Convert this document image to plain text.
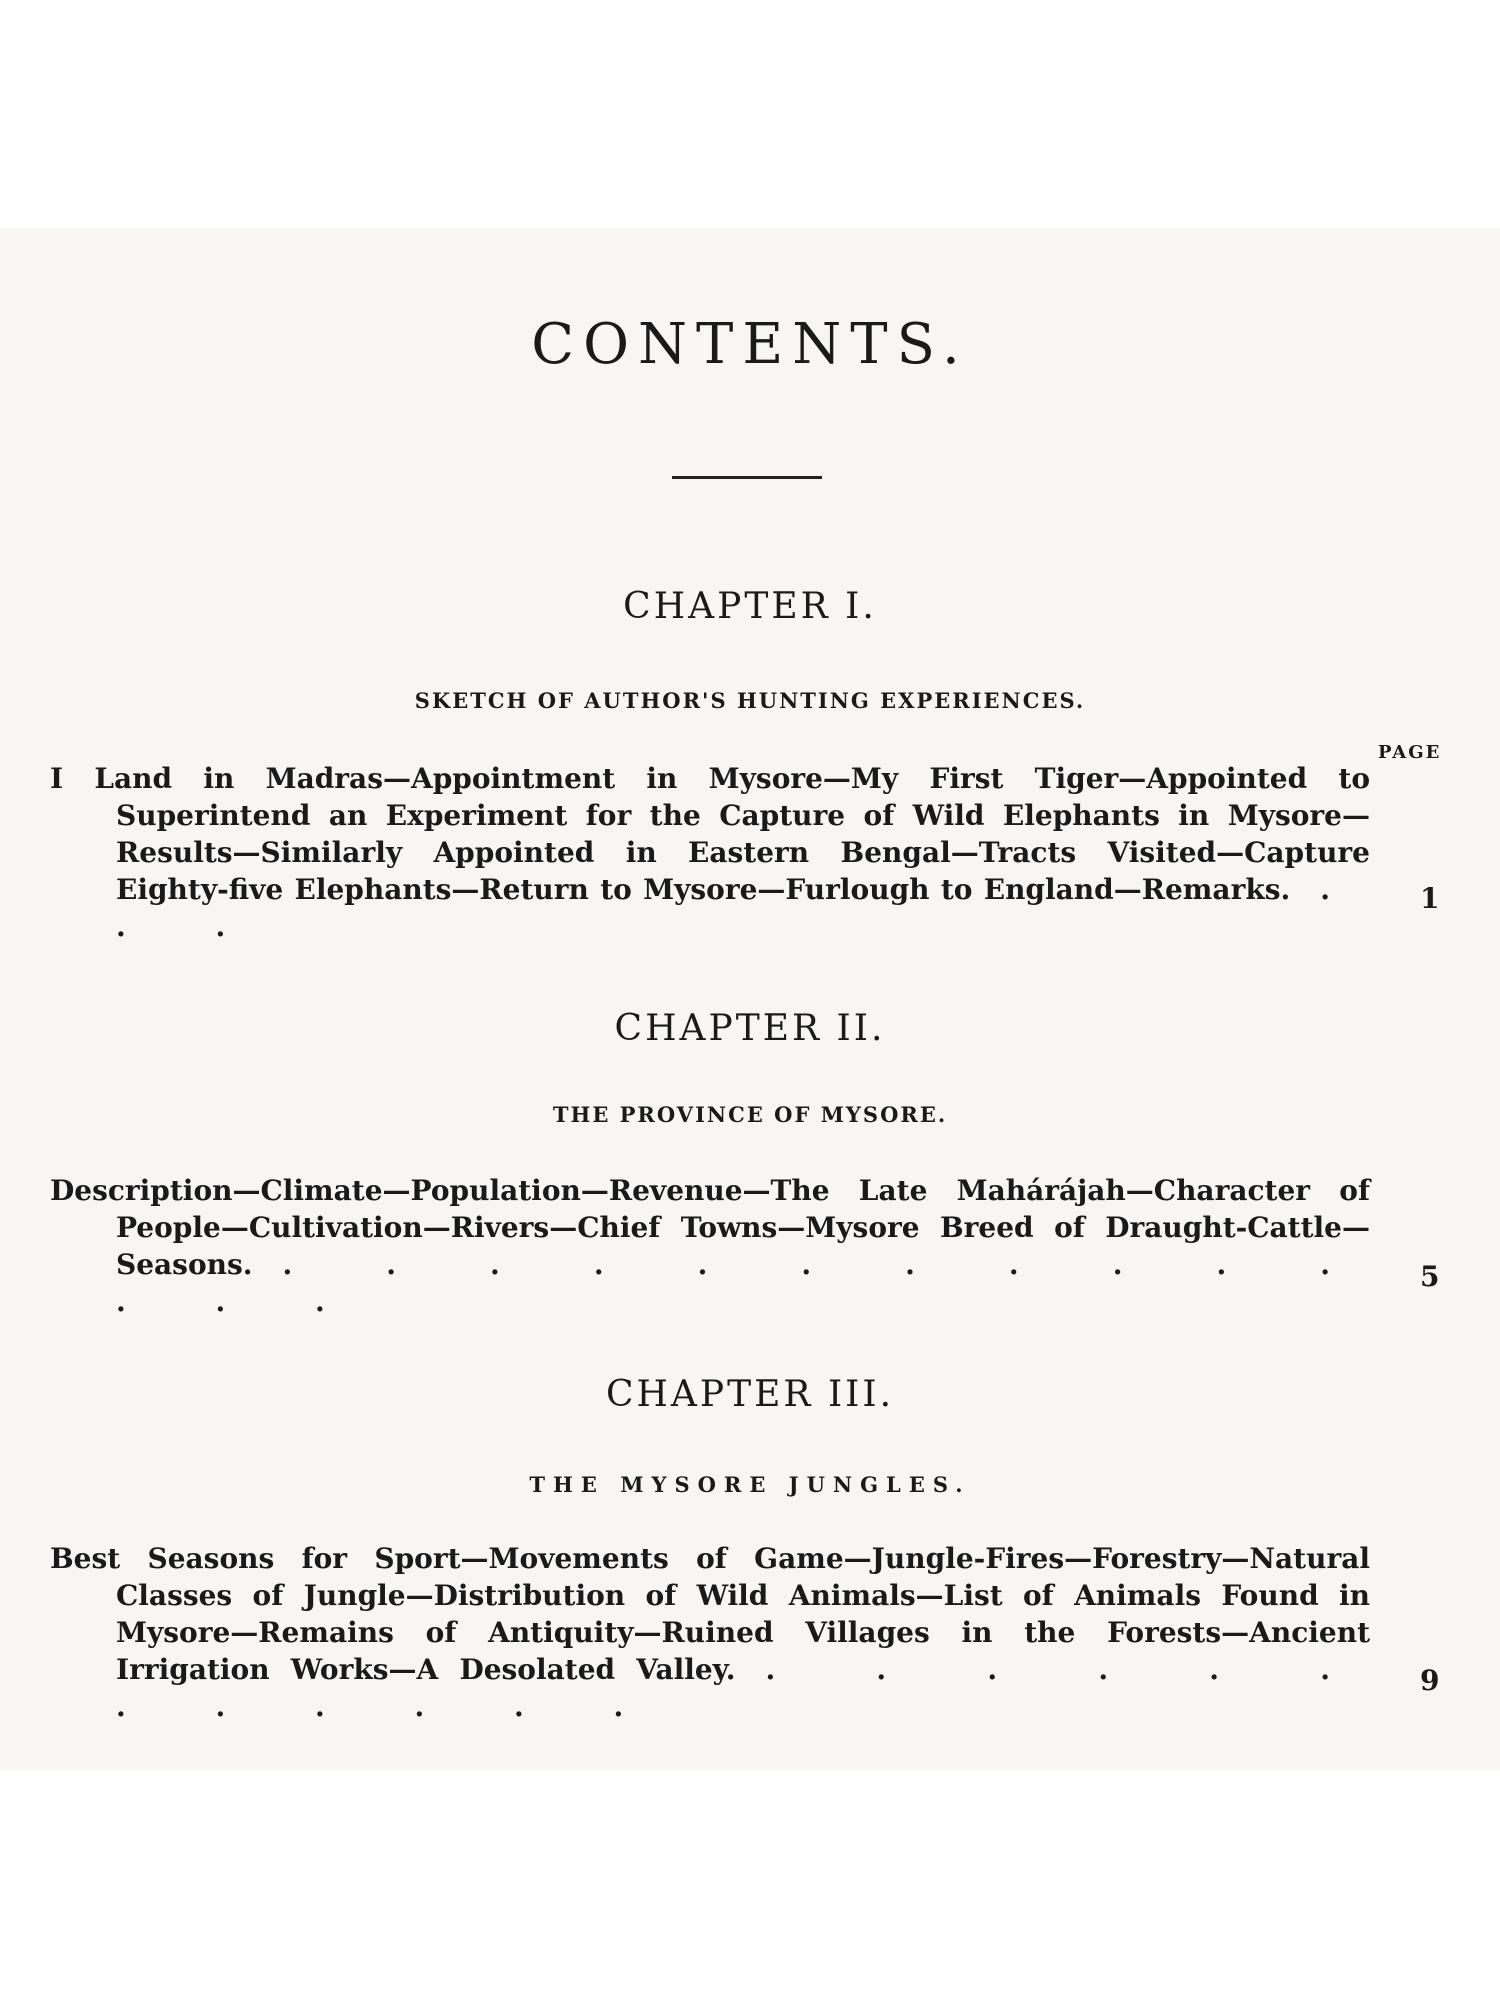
CONTENTS.
CHAPTER I.
SKETCH OF AUTHOR'S HUNTING EXPERIENCES.
PAGE
I Land in Madras—Appointment in Mysore—My First Tiger—Appointed to Superintend an Experiment for the Capture of Wild Elephants in Mysore—Results—Similarly Appointed in Eastern Bengal—Tracts Visited—Capture Eighty-five Elephants—Return to Mysore—Furlough to England—Remarks. . . .
1
CHAPTER II.
THE PROVINCE OF MYSORE.
Description—Climate—Population—Revenue—The Late Mahárájah—Character of People—Cultivation—Rivers—Chief Towns—Mysore Breed of Draught-Cattle—Seasons. . . . . . . . . . . . . . .
5
CHAPTER III.
THE MYSORE JUNGLES.
Best Seasons for Sport—Movements of Game—Jungle-Fires—Forestry—Natural Classes of Jungle—Distribution of Wild Animals—List of Animals Found in Mysore—Remains of Antiquity—Ruined Villages in the Forests—Ancient Irrigation Works—A Desolated Valley. . . . . . . . . . . . .
9
